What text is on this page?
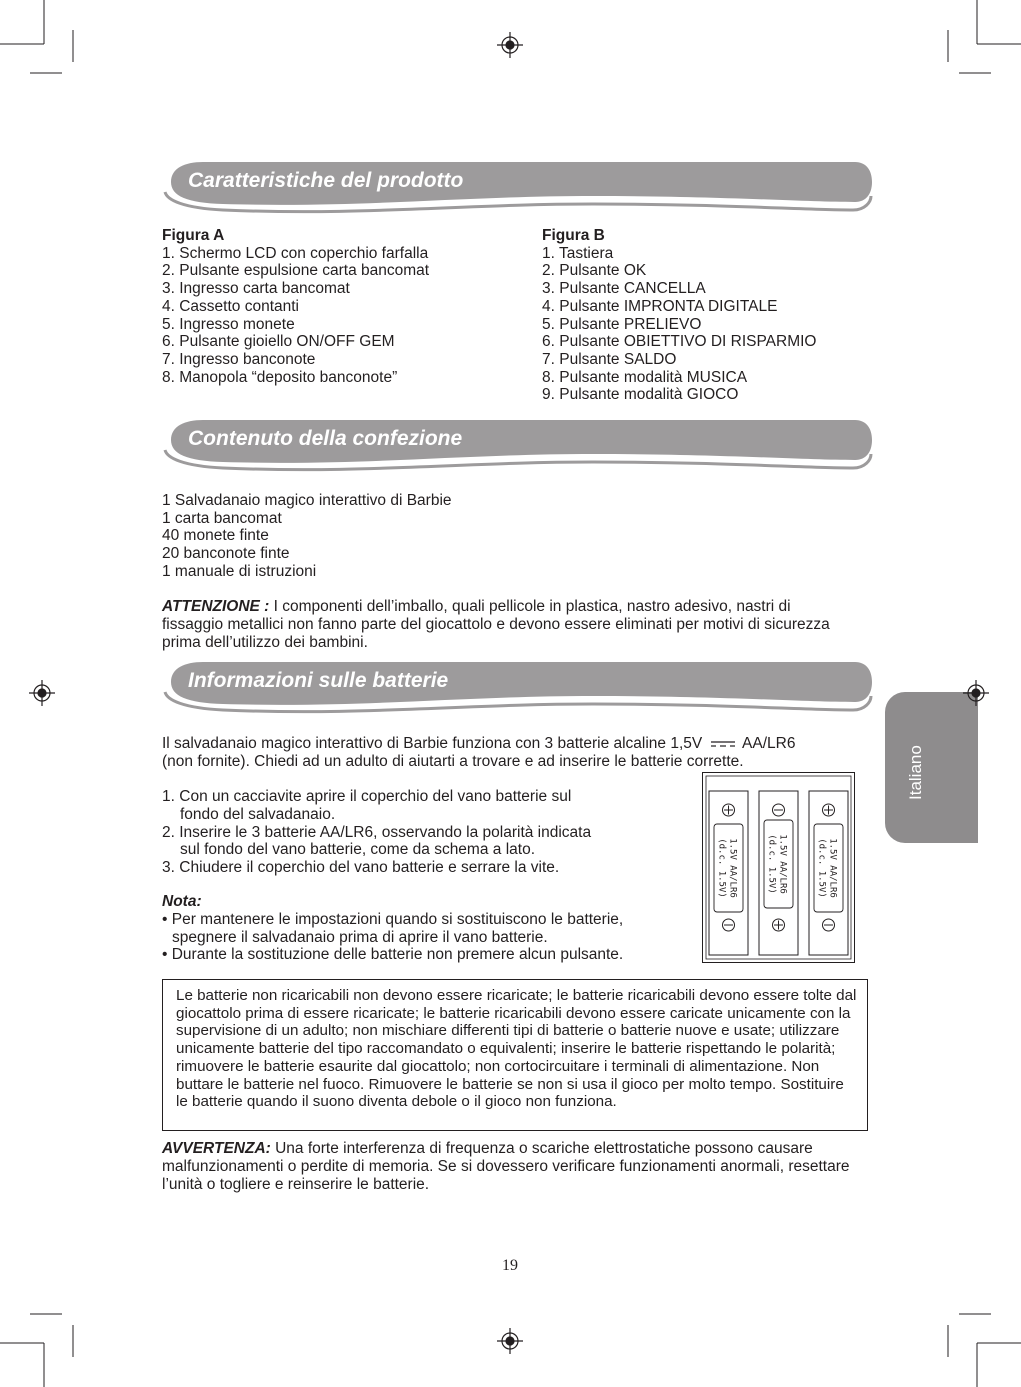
Caratteristiche del prodotto
Figura A
1. Schermo LCD con coperchio farfalla
2. Pulsante espulsione carta bancomat
3. Ingresso carta bancomat
4. Cassetto contanti
5. Ingresso monete
6. Pulsante gioiello ON/OFF GEM
7. Ingresso banconote
8. Manopola “deposito banconote”
Figura B
1. Tastiera
2. Pulsante OK
3. Pulsante CANCELLA
4. Pulsante IMPRONTA DIGITALE
5. Pulsante PRELIEVO
6. Pulsante OBIETTIVO DI RISPARMIO
7. Pulsante SALDO
8. Pulsante modalità MUSICA
9. Pulsante modalità GIOCO
Contenuto della confezione
1 Salvadanaio magico interattivo di Barbie
1 carta bancomat
40 monete finte
20 banconote finte
1 manuale di istruzioni
ATTENZIONE : I componenti dell’imballo, quali pellicole in plastica, nastro adesivo, nastri di fissaggio metallici non fanno parte del giocattolo e devono essere eliminati per motivi di sicurezza prima dell’utilizzo dei bambini.
Informazioni sulle batterie
Italiano
Il salvadanaio magico interattivo di Barbie funziona con 3 batterie alcaline 1,5V	AA/LR6
(non fornite). Chiedi ad un adulto di aiutarti a trovare e ad inserire le batterie corrette.
1. Con un cacciavite aprire il coperchio del vano batterie sul
fondo del salvadanaio.
2. Inserire le 3 batterie AA/LR6, osservando la polarità indicata
sul fondo del vano batterie, come da schema a lato.
3. Chiudere il coperchio del vano batterie e serrare la vite.
Nota:
• Per mantenere le impostazioni quando si sostituiscono le batterie,
spegnere il salvadanaio prima di aprire il vano batterie.
• Durante la sostituzione delle batterie non premere alcun pulsante.
1.5V AA/LR6
(d.c. 1.5V)	1.5V AA/LR6
(d.c. 1.5V)	1.5V AA/LR6
(d.c. 1.5V)
Le batterie non ricaricabili non devono essere ricaricate; le batterie ricaricabili devono essere tolte dal giocattolo prima di essere ricaricate; le batterie ricaricabili devono essere caricate unicamente con la supervisione di un adulto; non mischiare differenti tipi di batterie o batterie nuove e usate; utilizzare unicamente batterie del tipo raccomandato o equivalenti; inserire le batterie rispettando le polarità; rimuovere le batterie esaurite dal giocattolo; non cortocircuitare i terminali di alimentazione. Non buttare le batterie nel fuoco. Rimuovere le batterie se non si usa il gioco per molto tempo. Sostituire le batterie quando il suono diventa debole o il gioco non funziona.
AVVERTENZA: Una forte interferenza di frequenza o scariche elettrostatiche possono causare malfunzionamenti o perdite di memoria. Se si dovessero verificare funzionamenti anormali, resettare l’unità o togliere e reinserire le batterie.
19
